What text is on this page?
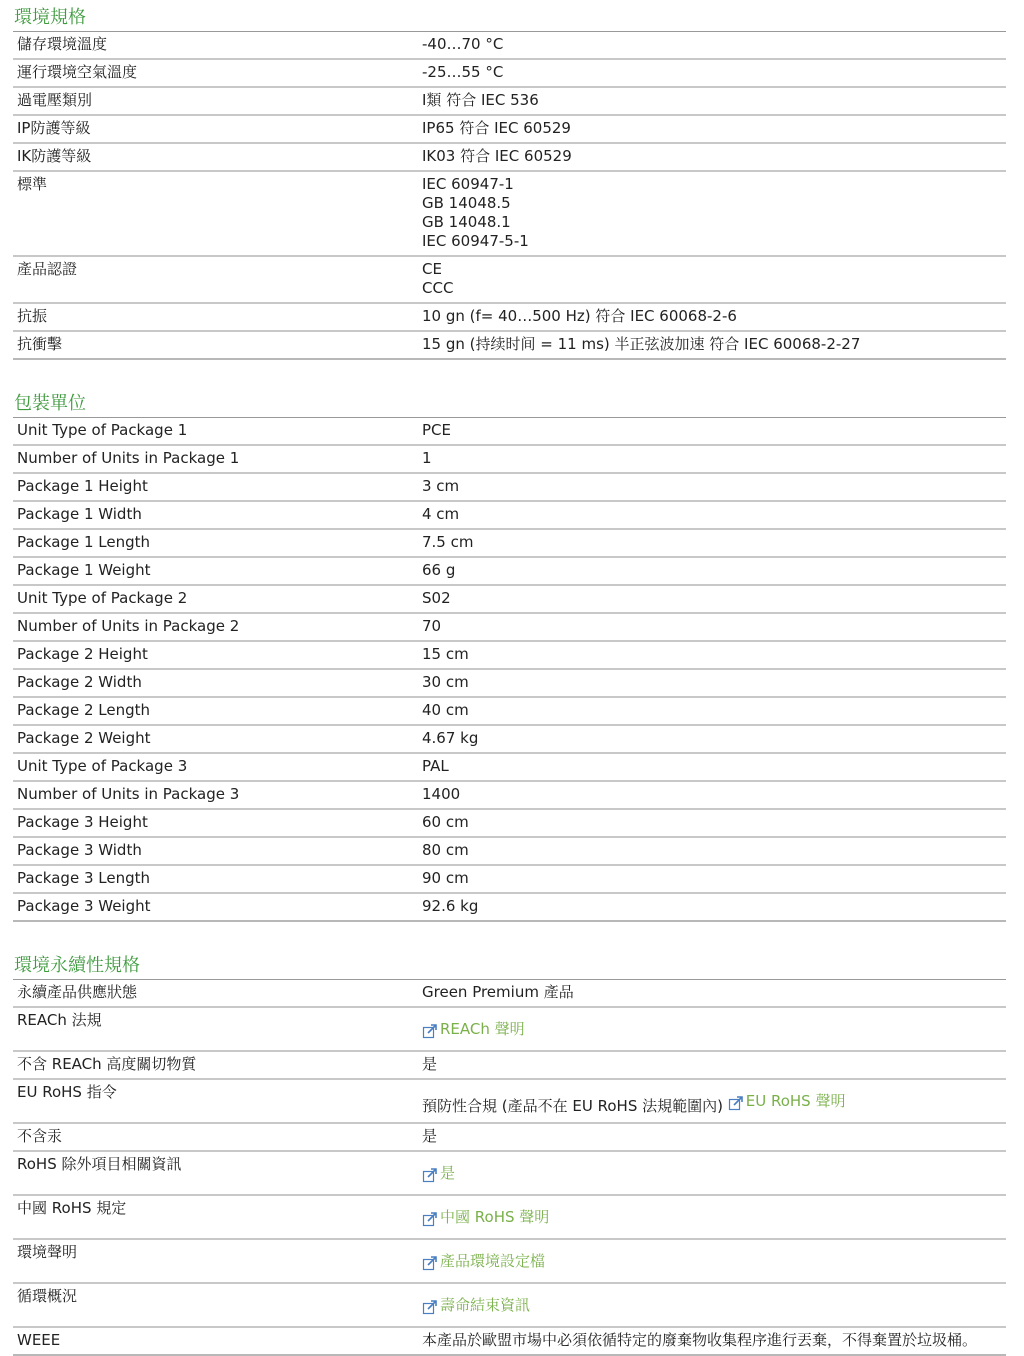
環境規格
儲存環境溫度	-40…70 °C
運行環境空氣溫度	-25…55 °C
過電壓類別	I類 符合 IEC 536
IP防護等級	IP65 符合 IEC 60529
IK防護等級	IK03 符合 IEC 60529
標準	IEC 60947-1
GB 14048.5
GB 14048.1
IEC 60947-5-1

產品認證	CE
CCC

抗振	10 gn (f= 40…500 Hz) 符合 IEC 60068-2-6
抗衝擊	15 gn (持续时间 = 11 ms) 半正弦波加速 符合 IEC 60068-2-27
包裝單位
Unit Type of Package 1	PCE
Number of Units in Package 1	1
Package 1 Height	3 cm
Package 1 Width	4 cm
Package 1 Length	7.5 cm
Package 1 Weight	66 g
Unit Type of Package 2	S02
Number of Units in Package 2	70
Package 2 Height	15 cm
Package 2 Width	30 cm
Package 2 Length	40 cm
Package 2 Weight	4.67 kg
Unit Type of Package 3	PAL
Number of Units in Package 3	1400
Package 3 Height	60 cm
Package 3 Width	80 cm
Package 3 Length	90 cm
Package 3 Weight	92.6 kg
環境永續性規格
永續產品供應狀態	Green Premium 產品
REACh 法規	REACh 聲明

不含 REACh 高度關切物質	是
EU RoHS 指令	預防性合規 (產品不在 EU RoHS 法規範圍內) EU RoHS 聲明

不含汞	是
RoHS 除外項目相關資訊	是

中國 RoHS 規定	中國 RoHS 聲明

環境聲明	產品環境設定檔

循環概況	壽命結束資訊

WEEE	本產品於歐盟市場中必須依循特定的廢棄物收集程序進行丟棄，不得棄置於垃圾桶。
